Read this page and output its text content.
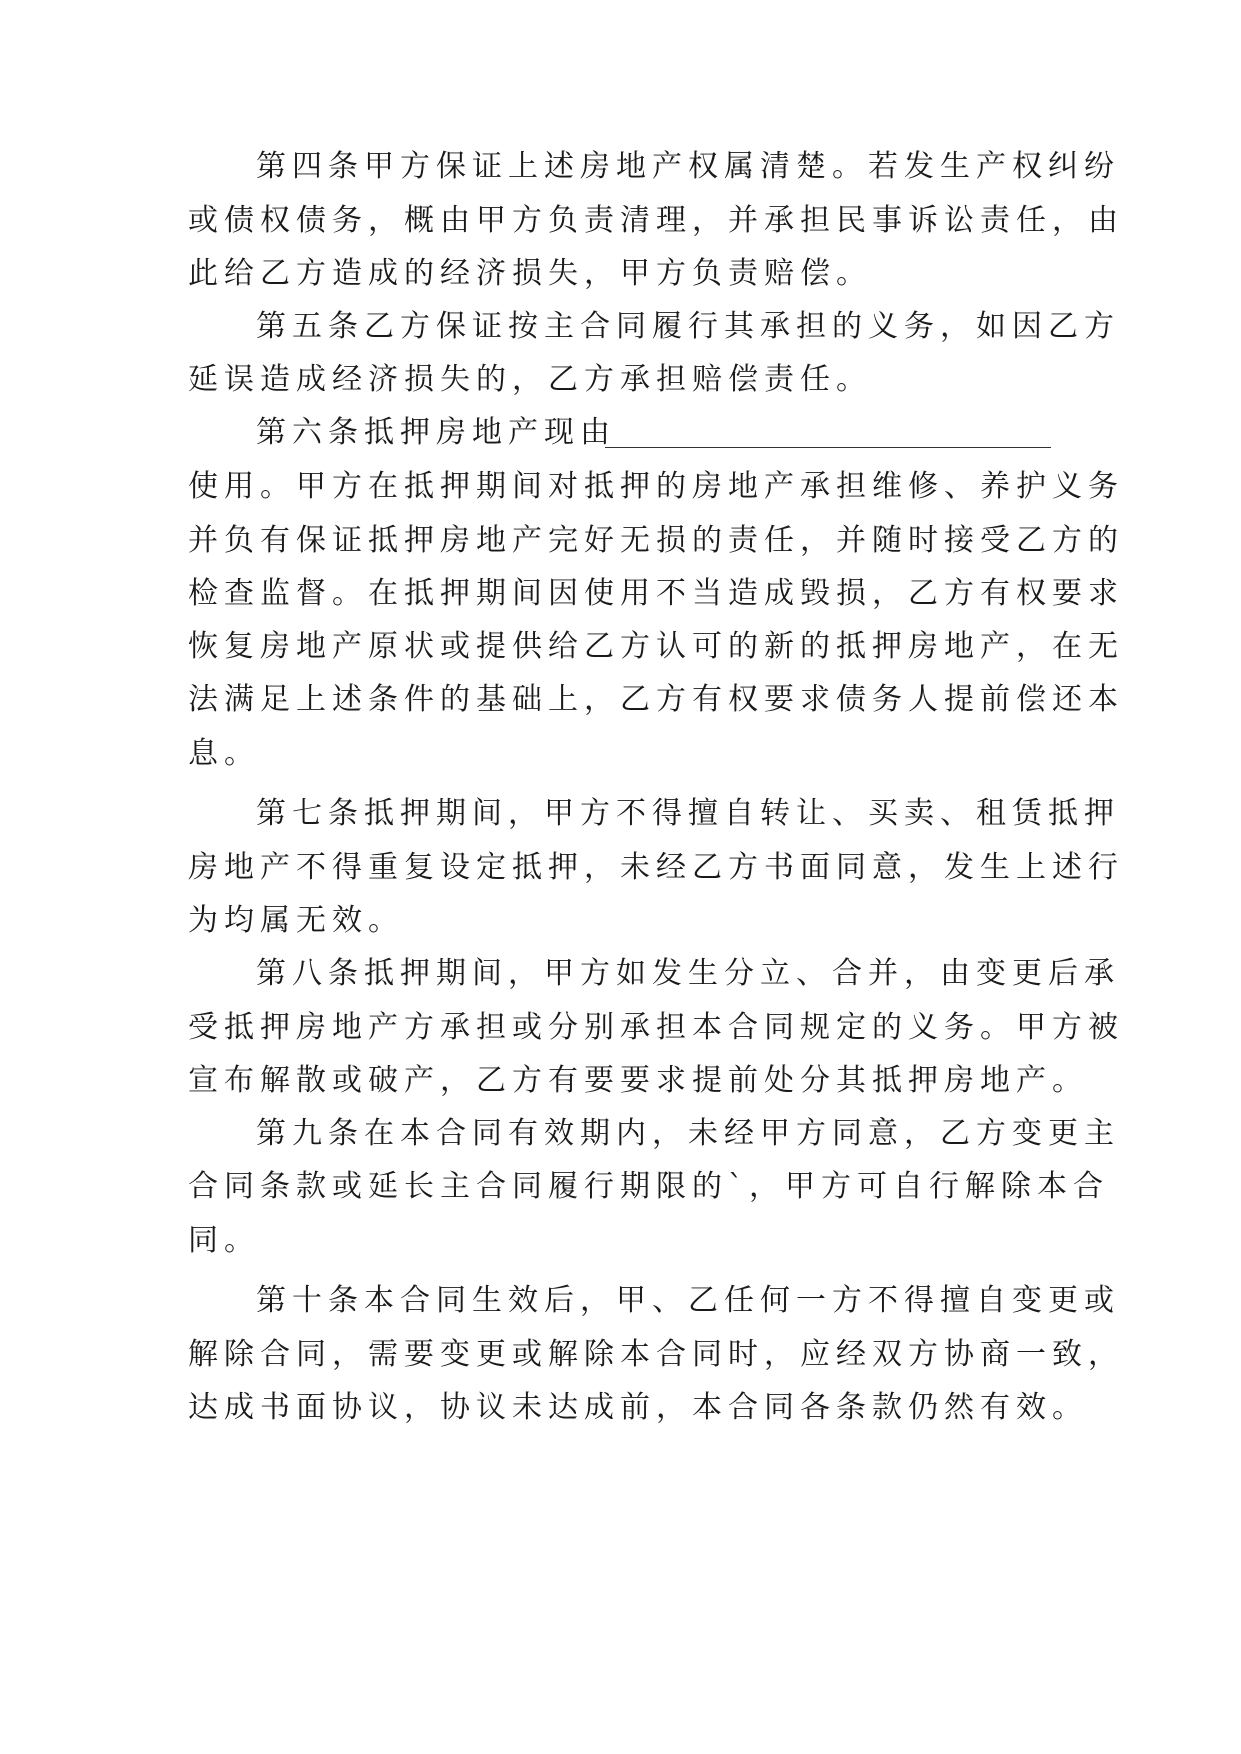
第四条甲方保证上述房地产权属清楚。若发生产权纠纷
或债权债务，概由甲方负责清理，并承担民事诉讼责任，由
此给乙方造成的经济损失，甲方负责赔偿。
第五条乙方保证按主合同履行其承担的义务，如因乙方
延误造成经济损失的，乙方承担赔偿责任。
第六条抵押房地产现由
使用。甲方在抵押期间对抵押的房地产承担维修、养护义务
并负有保证抵押房地产完好无损的责任，并随时接受乙方的
检查监督。在抵押期间因使用不当造成毁损，乙方有权要求
恢复房地产原状或提供给乙方认可的新的抵押房地产，在无
法满足上述条件的基础上，乙方有权要求债务人提前偿还本
息。
第七条抵押期间，甲方不得擅自转让、买卖、租赁抵押
房地产不得重复设定抵押，未经乙方书面同意，发生上述行
为均属无效。
第八条抵押期间，甲方如发生分立、合并，由变更后承
受抵押房地产方承担或分别承担本合同规定的义务。甲方被
宣布解散或破产，乙方有要要求提前处分其抵押房地产。
第九条在本合同有效期内，未经甲方同意，乙方变更主
合同条款或延长主合同履行期限的`，甲方可自行解除本合
同。
第十条本合同生效后，甲、乙任何一方不得擅自变更或
解除合同，需要变更或解除本合同时，应经双方协商一致，
达成书面协议，协议未达成前，本合同各条款仍然有效。
